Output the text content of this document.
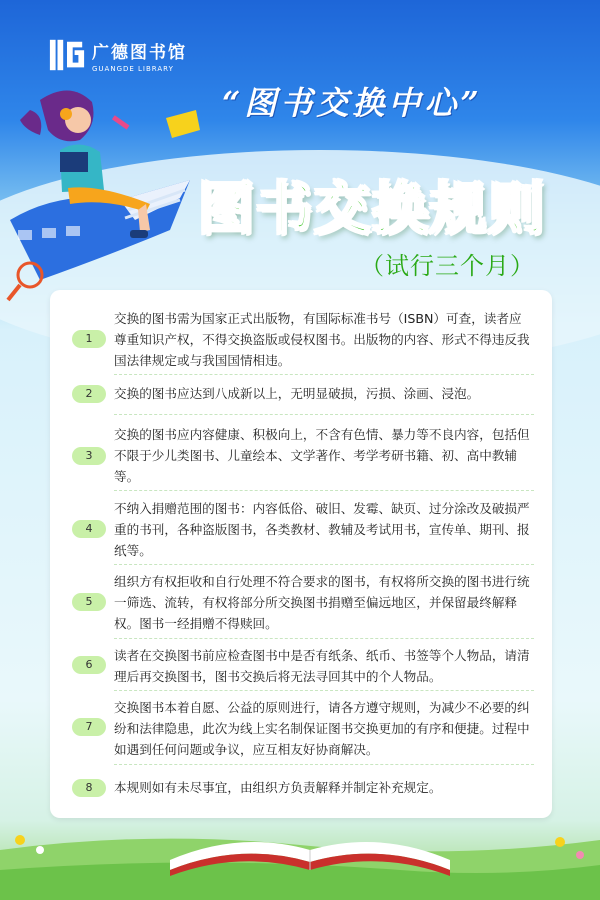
广德图书馆
GUANGDE LIBRARY
“图书交换中心”
图书交换规则
（试行三个月）
1
交换的图书需为国家正式出版物，有国际标准书号（ISBN）可查，读者应尊重知识产权，不得交换盗版或侵权图书。出版物的内容、形式不得违反我国法律规定或与我国国情相违。
2	交换的图书应达到八成新以上，无明显破损，污损、涂画、浸泡。
3
交换的图书应内容健康、积极向上，不含有色情、暴力等不良内容，包括但不限于少儿类图书、儿童绘本、文学著作、考学考研书籍、初、高中教辅等。
4
不纳入捐赠范围的图书：内容低俗、破旧、发霉、缺页、过分涂改及破损严重的书刊，各种盗版图书，各类教材、教辅及考试用书，宣传单、期刊、报纸等。
5
组织方有权拒收和自行处理不符合要求的图书，有权将所交换的图书进行统一筛选、流转，有权将部分所交换图书捐赠至偏远地区，并保留最终解释权。图书一经捐赠不得赎回。
6
读者在交换图书前应检查图书中是否有纸条、纸币、书签等个人物品，请清理后再交换图书，图书交换后将无法寻回其中的个人物品。
7
交换图书本着自愿、公益的原则进行，请各方遵守规则，为减少不必要的纠纷和法律隐患，此次为线上实名制保证图书交换更加的有序和便捷。过程中如遇到任何问题或争议，应互相友好协商解决。
8	本规则如有未尽事宜，由组织方负责解释并制定补充规定。
